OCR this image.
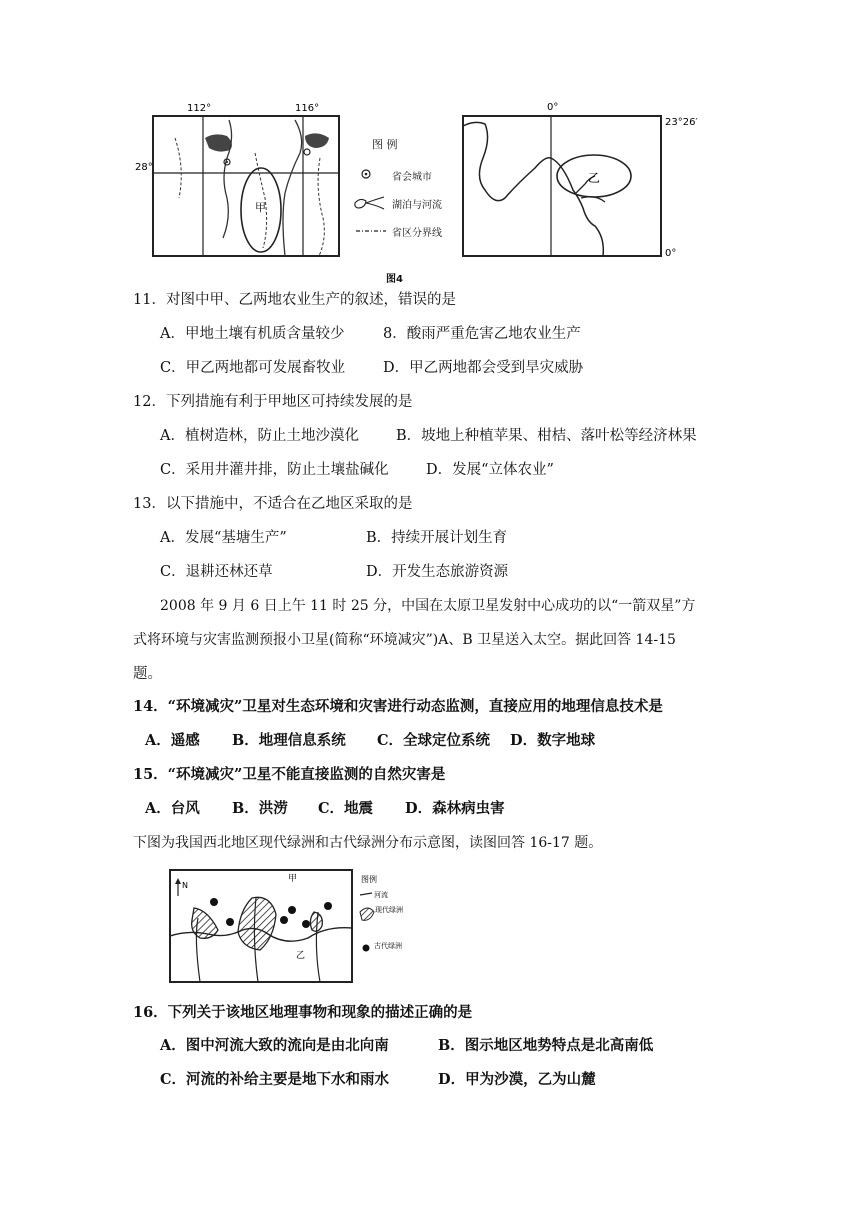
甲
112°	116°
28°
图 例
省会城市
湖泊与河流
省区分界线
乙
0°
23°26′
0°
图4
11．对图中甲、乙两地农业生产的叙述，错误的是
A．甲地土壤有机质含量较少	8．酸雨严重危害乙地农业生产
C．甲乙两地都可发展畜牧业	D．甲乙两地都会受到旱灾威胁
12．下列措施有利于甲地区可持续发展的是
A．植树造林，防止土地沙漠化	B．坡地上种植苹果、柑桔、落叶松等经济林果
C．采用井灌井排，防止土壤盐碱化	D．发展“立体农业”
13．以下措施中，不适合在乙地区采取的是
A．发展“基塘生产”	B．持续开展计划生育
C．退耕还林还草	D．开发生态旅游资源
2008 年 9 月 6 日上午 11 时 25 分，中国在太原卫星发射中心成功的以“一箭双星”方
式将环境与灾害监测预报小卫星(简称“环境减灾”)A、B 卫星送入太空。据此回答 14-15
题。
14．“环境减灾”卫星对生态环境和灾害进行动态监测，直接应用的地理信息技术是
A．遥感 B．地理信息系统 C．全球定位系统 D．数字地球
15．“环境减灾”卫星不能直接监测的自然灾害是
A．台风 B．洪涝 C．地震 D．森林病虫害
下图为我国西北地区现代绿洲和古代绿洲分布示意图，读图回答 16-17 题。
N
甲
乙
图例
河流
现代绿洲
古代绿洲
16．下列关于该地区地理事物和现象的描述正确的是
A．图中河流大致的流向是由北向南	B．图示地区地势特点是北高南低
C．河流的补给主要是地下水和雨水	D．甲为沙漠，乙为山麓
